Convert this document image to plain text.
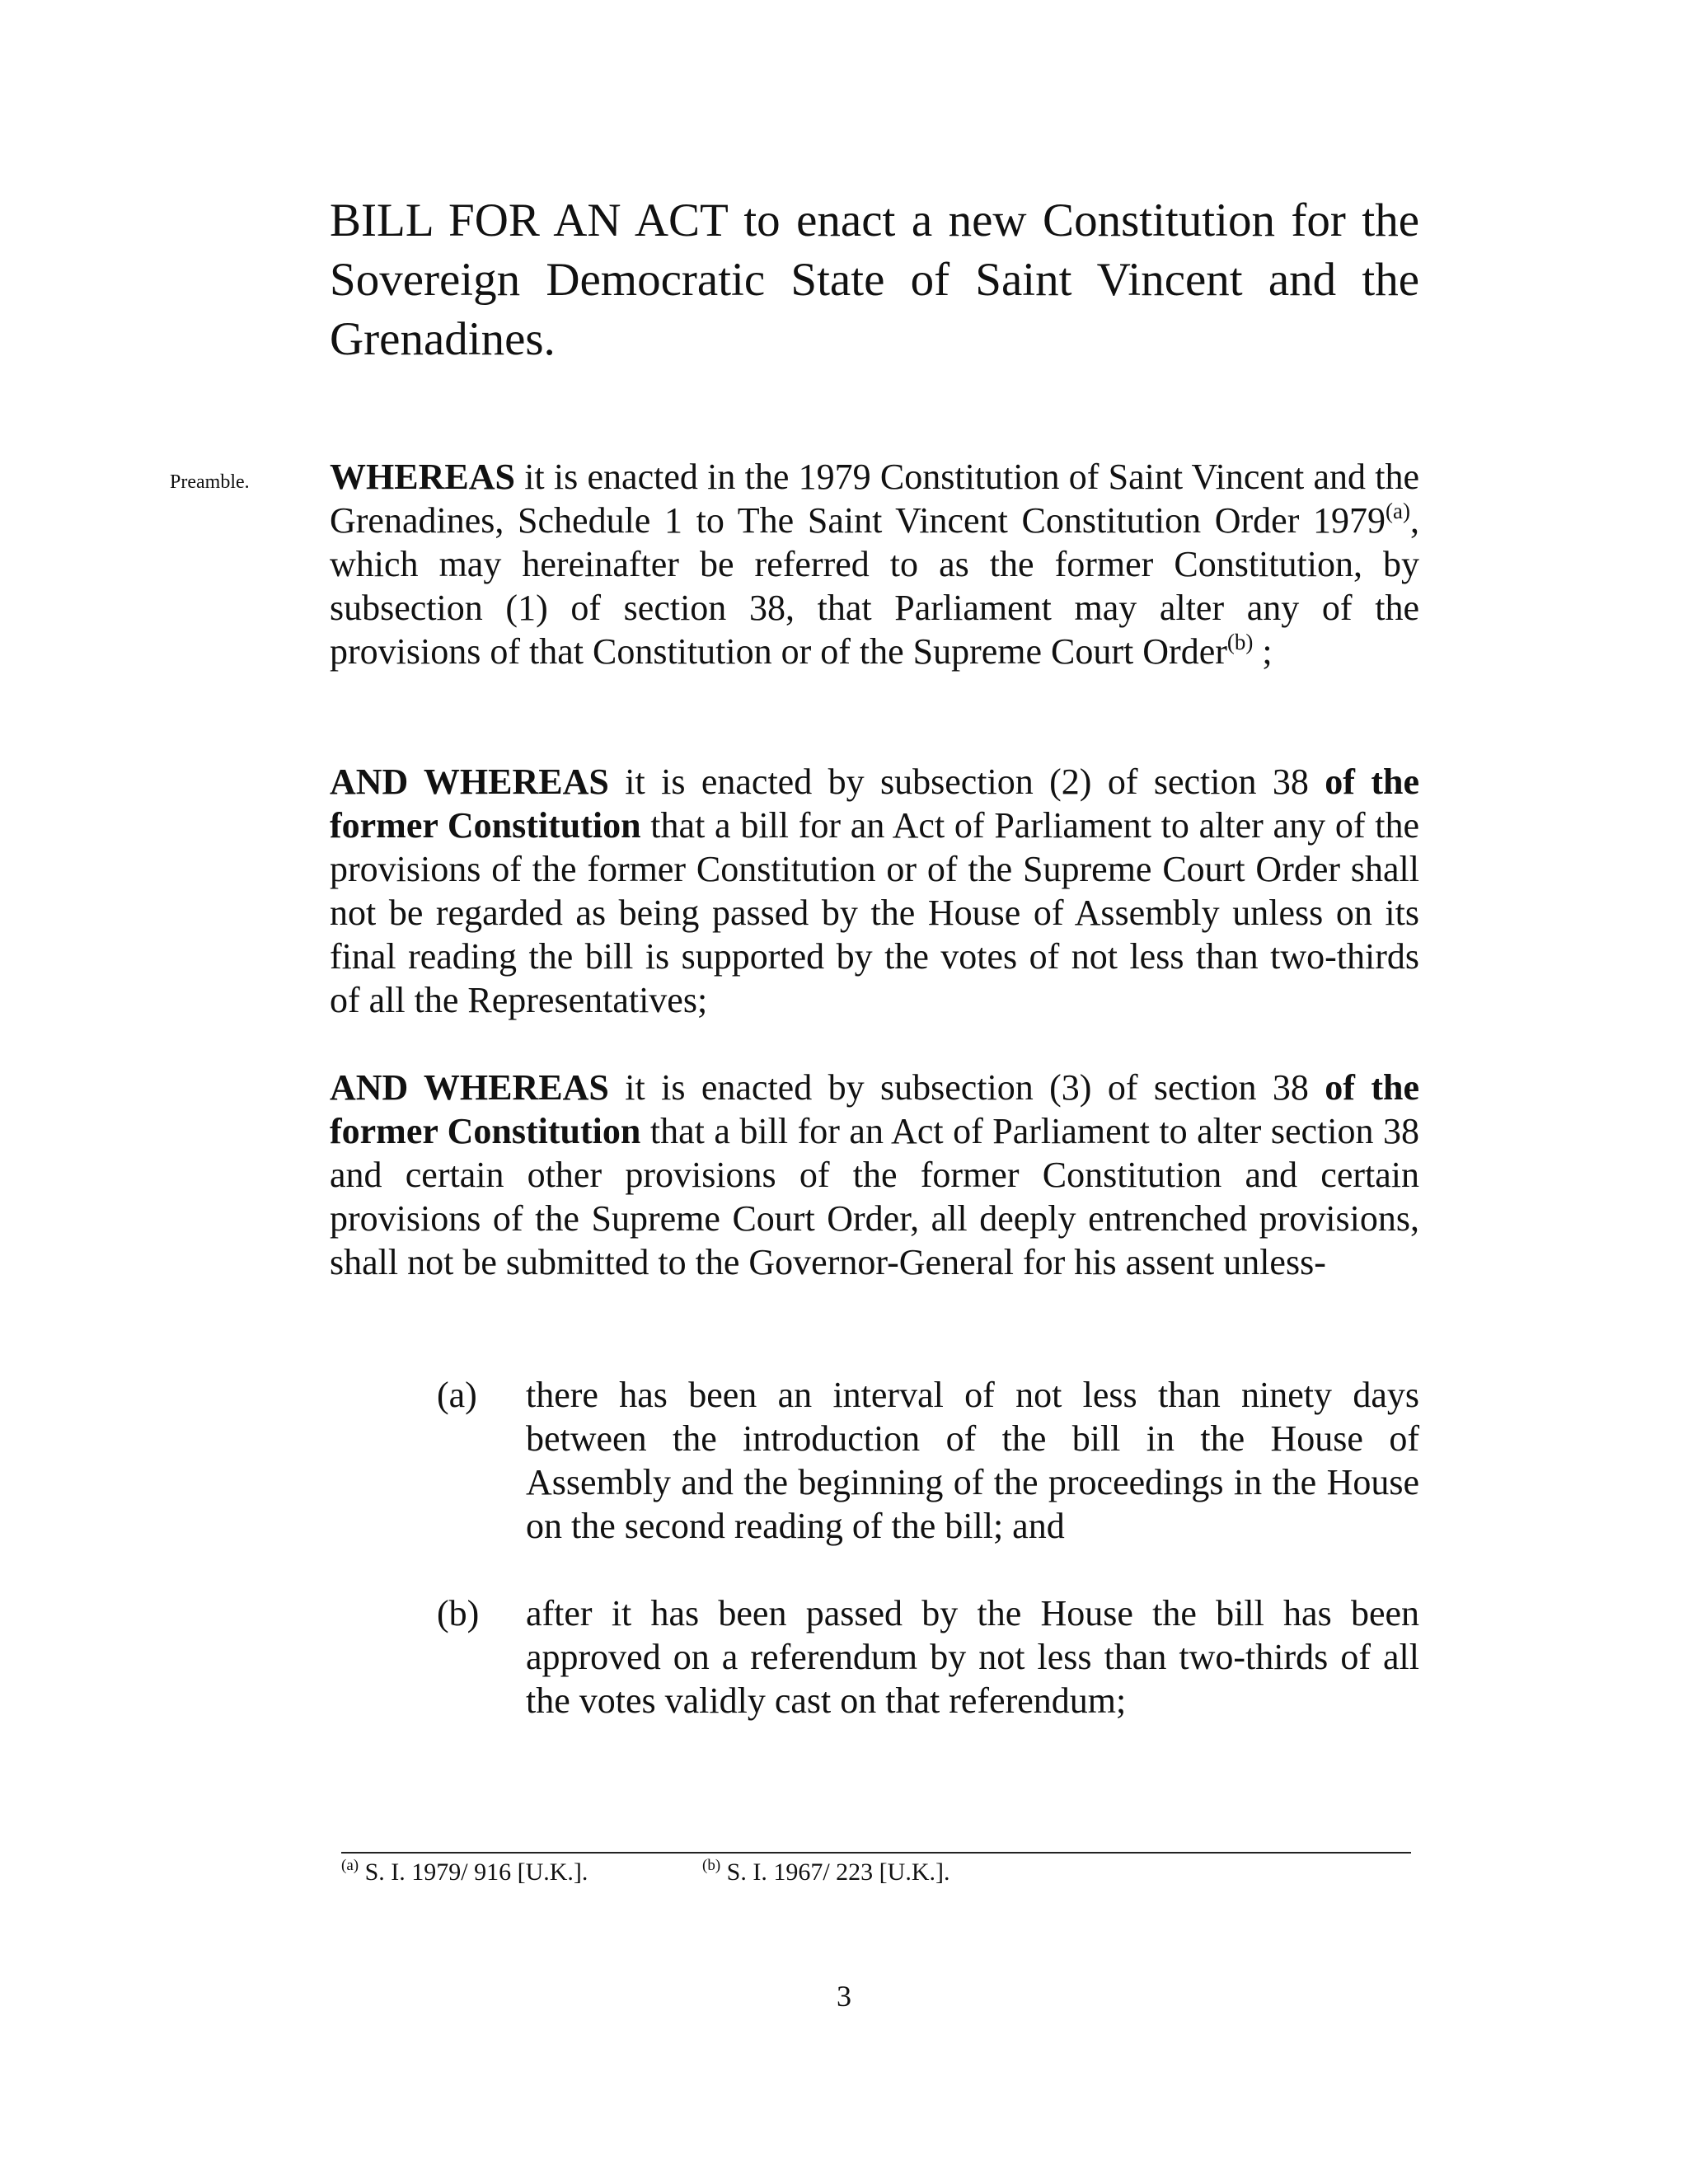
BILL FOR AN ACT to enact a new Constitution for the Sovereign Democratic State of Saint Vincent and the Grenadines.
Preamble. WHEREAS it is enacted in the 1979 Constitution of Saint Vincent and the Grenadines, Schedule 1 to The Saint Vincent Constitution Order 1979$^{(a)}$, which may hereinafter be referred to as the former Constitution, by subsection (1) of section 38, that Parliament may alter any of the provisions of that Constitution or of the Supreme Court Order$^{(b)}$ ;

AND WHEREAS it is enacted by subsection (2) of section 38 of the former Constitution that a bill for an Act of Parliament to alter any of the provisions of the former Constitution or of the Supreme Court Order shall not be regarded as being passed by the House of Assembly unless on its final reading the bill is supported by the votes of not less than two-thirds of all the Representatives;

AND WHEREAS it is enacted by subsection (3) of section 38 of the former Constitution that a bill for an Act of Parliament to alter section 38 and certain other provisions of the former Constitution and certain provisions of the Supreme Court Order, all deeply entrenched provisions, shall not be submitted to the Governor-General for his assent unless-

(a)	there has been an interval of not less than ninety days between the introduction of the bill in the House of Assembly and the beginning of the proceedings in the House on the second reading of the bill; and
(b)	after it has been passed by the House the bill has been approved on a referendum by not less than two-thirds of all the votes validly cast on that referendum;
$^{(a)}$ S. I. 1979/ 916 [U.K.].	$^{(b)}$ S. I. 1967/ 223 [U.K.].
3
